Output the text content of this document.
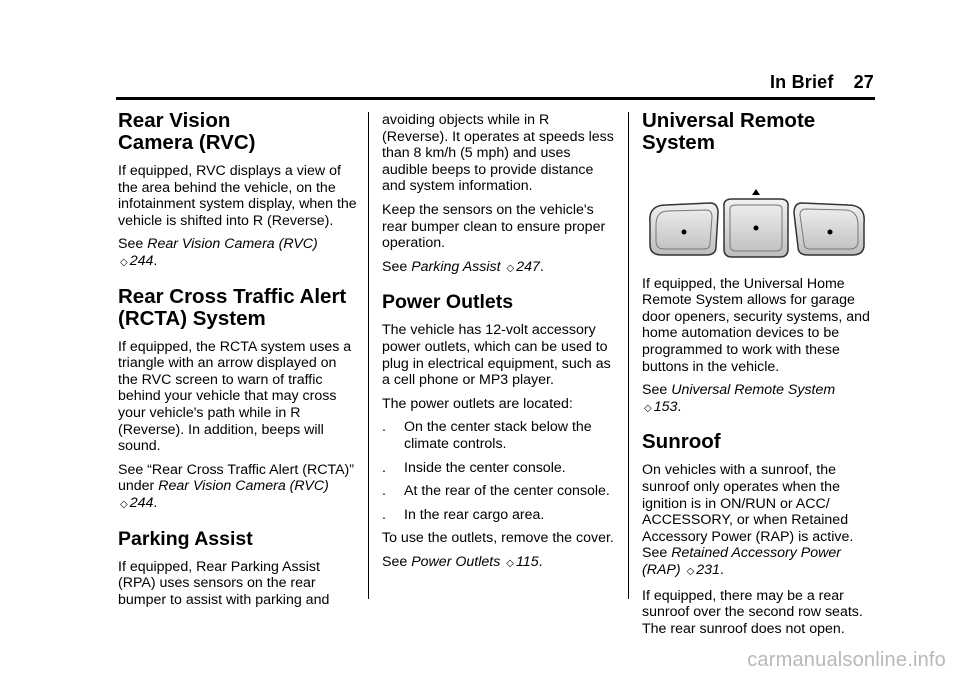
In Brief 27
Rear Vision Camera (RVC)

If equipped, RVC displays a view of the area behind the vehicle, on the infotainment system display, when the vehicle is shifted into R (Reverse).

See Rear Vision Camera (RVC) ◇ 244.

Rear Cross Traffic Alert (RCTA) System

If equipped, the RCTA system uses a triangle with an arrow displayed on the RVC screen to warn of traffic behind your vehicle that may cross your vehicle's path while in R (Reverse). In addition, beeps will sound.

See “Rear Cross Traffic Alert (RCTA)” under Rear Vision Camera (RVC) ◇ 244.

Parking Assist

If equipped, Rear Parking Assist (RPA) uses sensors on the rear bumper to assist with parking and

avoiding objects while in R (Reverse). It operates at speeds less than 8 km/h (5 mph) and uses audible beeps to provide distance and system information.

Keep the sensors on the vehicle's rear bumper clean to ensure proper operation.

See Parking Assist ◇ 247.

Power Outlets

The vehicle has 12-volt accessory power outlets, which can be used to plug in electrical equipment, such as a cell phone or MP3 player.

The power outlets are located:

. On the center stack below the climate controls.
. Inside the center console.
. At the rear of the center console.
. In the rear cargo area.

To use the outlets, remove the cover.

See Power Outlets ◇ 115.

Universal Remote System

If equipped, the Universal Home Remote System allows for garage door openers, security systems, and home automation devices to be programmed to work with these buttons in the vehicle.

See Universal Remote System ◇ 153.

Sunroof

On vehicles with a sunroof, the sunroof only operates when the ignition is in ON/RUN or ACC/ ACCESSORY, or when Retained Accessory Power (RAP) is active. See Retained Accessory Power (RAP) ◇ 231.

If equipped, there may be a rear sunroof over the second row seats. The rear sunroof does not open.

carmanualsonline.info
